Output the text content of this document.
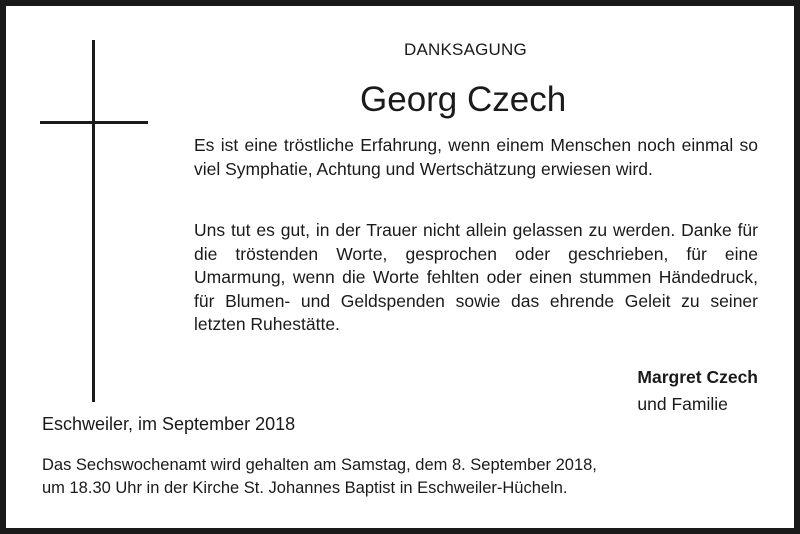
DANKSAGUNG
Georg Czech

Es ist eine tröstliche Erfahrung, wenn einem Menschen noch einmal so viel Symphatie, Achtung und Wertschätzung erwiesen wird.

Uns tut es gut, in der Trauer nicht allein gelassen zu werden. Danke für die tröstenden Worte, gesprochen oder geschrieben, für eine Umarmung, wenn die Worte fehlten oder einen stummen Händedruck, für Blumen- und Geldspenden sowie das ehrende Geleit zu seiner letzten Ruhestätte.

Margret Czech
und Familie
Eschweiler, im September 2018
Das Sechswochenamt wird gehalten am Samstag, dem 8. September 2018,
um 18.30 Uhr in der Kirche St. Johannes Baptist in Eschweiler-Hücheln.
